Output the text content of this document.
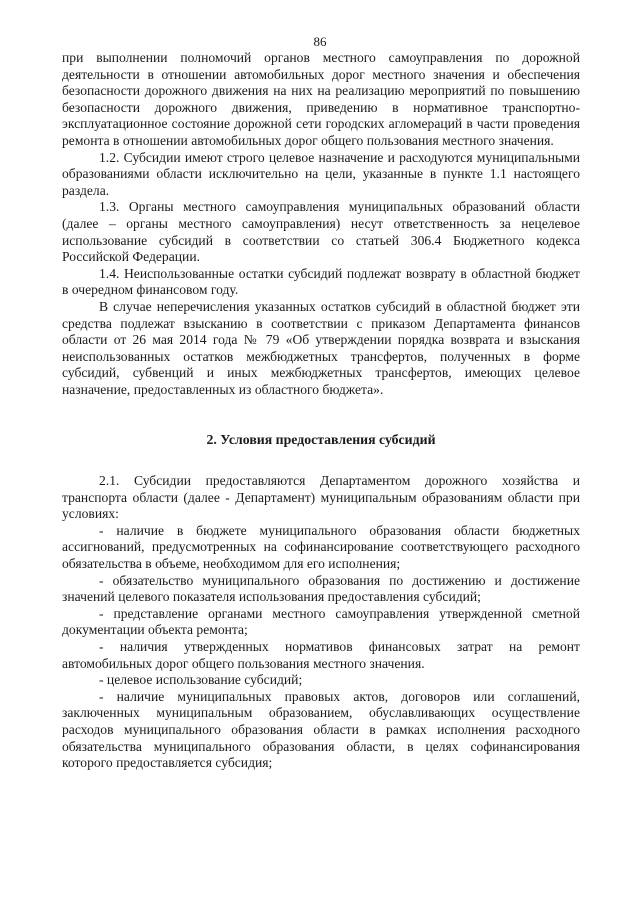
86

при выполнении полномочий органов местного самоуправления по дорожной деятельности в отношении автомобильных дорог местного значения и обеспечения безопасности дорожного движения на них на реализацию мероприятий по повышению безопасности дорожного движения, приведению в нормативное транспортно-эксплуатационное состояние дорожной сети городских агломераций в части проведения ремонта в отношении автомобильных дорог общего пользования местного значения.

1.2. Субсидии имеют строго целевое назначение и расходуются муниципальными образованиями области исключительно на цели, указанные в пункте 1.1 настоящего раздела.

1.3. Органы местного самоуправления муниципальных образований области (далее – органы местного самоуправления) несут ответственность за нецелевое использование субсидий в соответствии со статьей 306.4 Бюджетного кодекса Российской Федерации.

1.4. Неиспользованные остатки субсидий подлежат возврату в областной бюджет в очередном финансовом году.

В случае неперечисления указанных остатков субсидий в областной бюджет эти средства подлежат взысканию в соответствии с приказом Департамента финансов области от 26 мая 2014 года № 79 «Об утверждении порядка возврата и взыскания неиспользованных остатков межбюджетных трансфертов, полученных в форме субсидий, субвенций и иных межбюджетных трансфертов, имеющих целевое назначение, предоставленных из областного бюджета».

2. Условия предоставления субсидий

2.1. Субсидии предоставляются Департаментом дорожного хозяйства и транспорта области (далее - Департамент) муниципальным образованиям области при условиях:

- наличие в бюджете муниципального образования области бюджетных ассигнований, предусмотренных на софинансирование соответствующего расходного обязательства в объеме, необходимом для его исполнения;

- обязательство муниципального образования по достижению и достижение значений целевого показателя использования предоставления субсидий;

- представление органами местного самоуправления утвержденной сметной документации объекта ремонта;

- наличия утвержденных нормативов финансовых затрат на ремонт автомобильных дорог общего пользования местного значения.

- целевое использование субсидий;

- наличие муниципальных правовых актов, договоров или соглашений, заключенных муниципальным образованием, обуславливающих осуществление расходов муниципального образования области в рамках исполнения расходного обязательства муниципального образования области, в целях софинансирования которого предоставляется субсидия;
